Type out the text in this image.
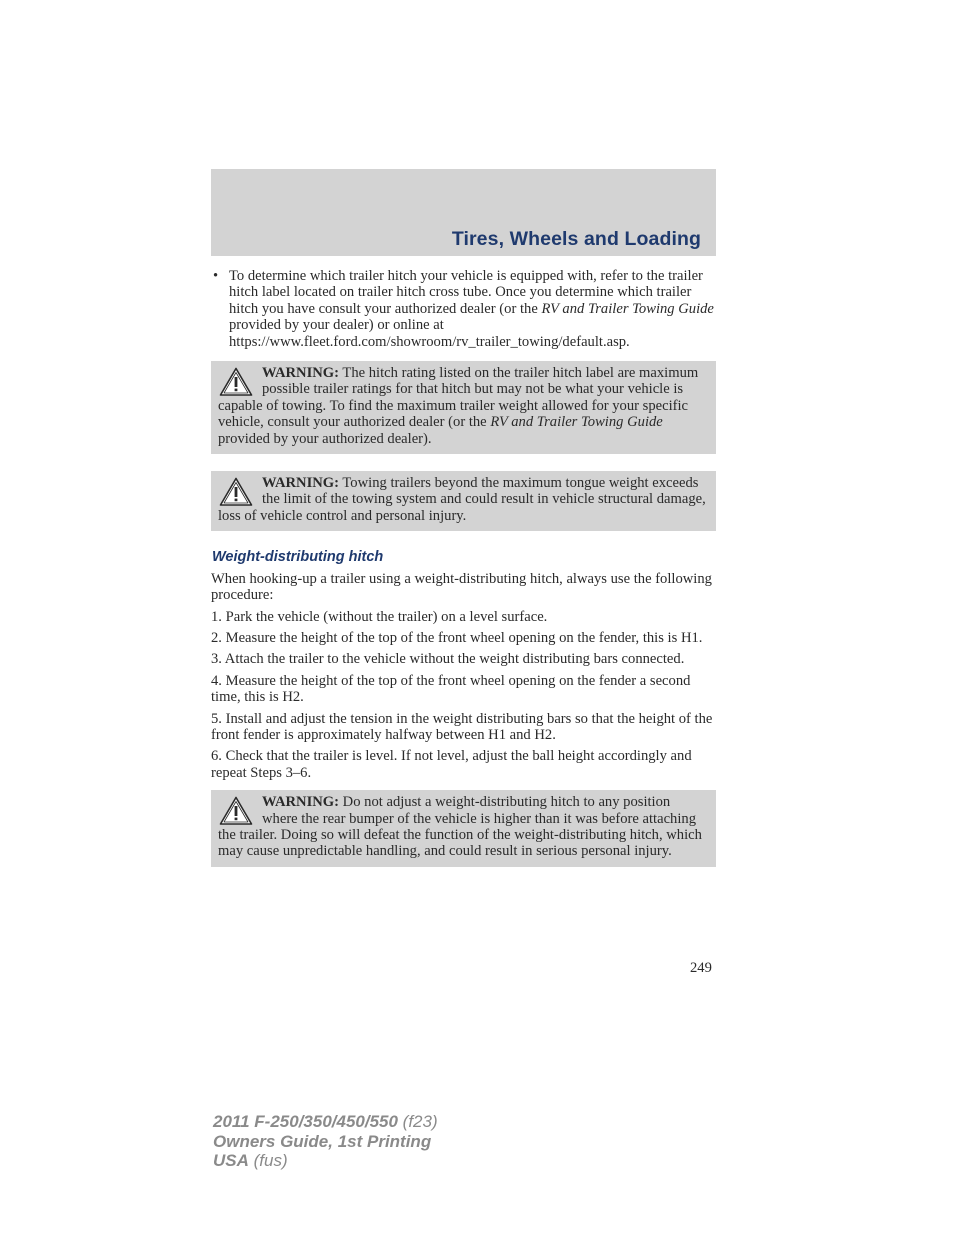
Tires, Wheels and Loading
• To determine which trailer hitch your vehicle is equipped with, refer to the trailer hitch label located on trailer hitch cross tube. Once you determine which trailer hitch you have consult your authorized dealer (or the RV and Trailer Towing Guide provided by your dealer) or online at https://www.fleet.ford.com/showroom/rv_trailer_towing/default.asp.

WARNING: The hitch rating listed on the trailer hitch label are maximum possible trailer ratings for that hitch but may not be what your vehicle is capable of towing. To find the maximum trailer weight allowed for your specific vehicle, consult your authorized dealer (or the RV and Trailer Towing Guide provided by your authorized dealer).

WARNING: Towing trailers beyond the maximum tongue weight exceeds the limit of the towing system and could result in vehicle structural damage, loss of vehicle control and personal injury.

Weight-distributing hitch

When hooking-up a trailer using a weight-distributing hitch, always use the following procedure:

1. Park the vehicle (without the trailer) on a level surface.

2. Measure the height of the top of the front wheel opening on the fender, this is H1.

3. Attach the trailer to the vehicle without the weight distributing bars connected.

4. Measure the height of the top of the front wheel opening on the fender a second time, this is H2.

5. Install and adjust the tension in the weight distributing bars so that the height of the front fender is approximately halfway between H1 and H2.

6. Check that the trailer is level. If not level, adjust the ball height accordingly and repeat Steps 3–6.

WARNING: Do not adjust a weight-distributing hitch to any position where the rear bumper of the vehicle is higher than it was before attaching the trailer. Doing so will defeat the function of the weight-distributing hitch, which may cause unpredictable handling, and could result in serious personal injury.

249
2011 F-250/350/450/550 (f23)
Owners Guide, 1st Printing
USA (fus)
